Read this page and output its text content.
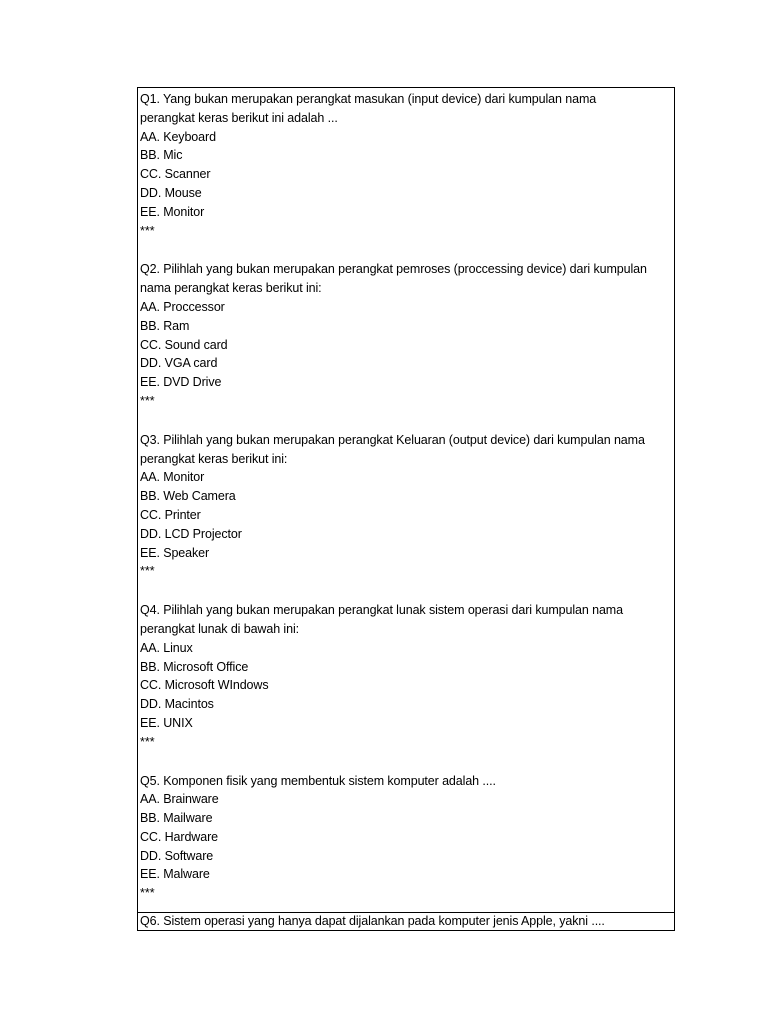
Q1. Yang bukan merupakan perangkat masukan (input device) dari kumpulan nama
perangkat keras berikut ini adalah ...
AA. Keyboard
BB. Mic
CC. Scanner
DD. Mouse
EE. Monitor
***
Q2. Pilihlah yang bukan merupakan perangkat pemroses (proccessing device) dari kumpulan
nama perangkat keras berikut ini:
AA. Proccessor
BB. Ram
CC. Sound card
DD. VGA card
EE. DVD Drive
***
Q3. Pilihlah yang bukan merupakan perangkat Keluaran (output device) dari kumpulan nama
perangkat keras berikut ini:
AA. Monitor
BB. Web Camera
CC. Printer
DD. LCD Projector
EE. Speaker
***
Q4. Pilihlah yang bukan merupakan perangkat lunak sistem operasi dari kumpulan nama
perangkat lunak di bawah ini:
AA. Linux
BB. Microsoft Office
CC. Microsoft WIndows
DD. Macintos
EE. UNIX
***
Q5. Komponen fisik yang membentuk sistem komputer adalah ....
AA. Brainware
BB. Mailware
CC. Hardware
DD. Software
EE. Malware
***
Q6. Sistem operasi yang hanya dapat dijalankan pada komputer jenis Apple, yakni ....
